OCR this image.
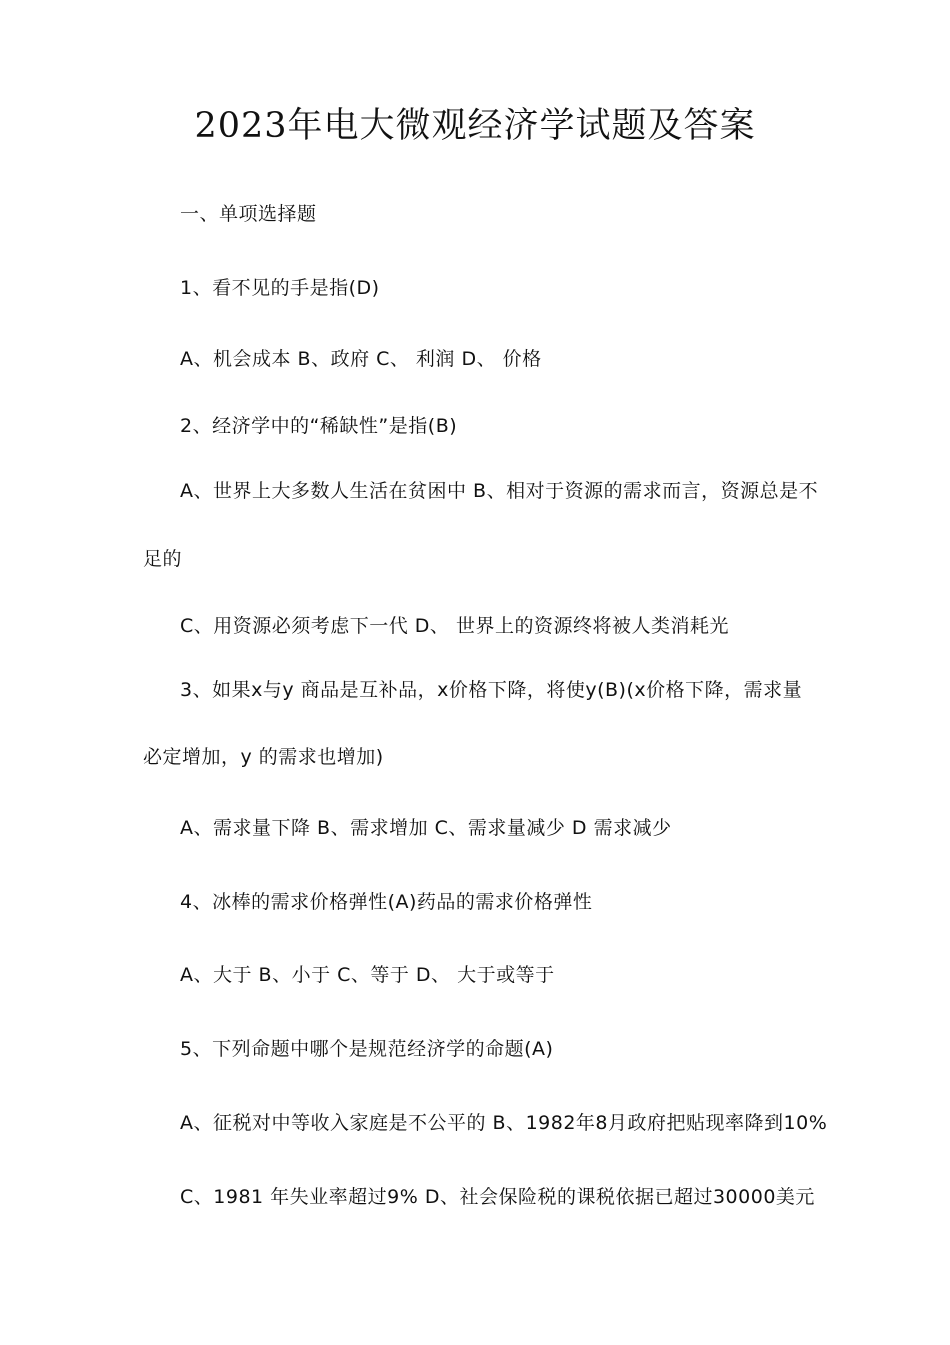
2023年电大微观经济学试题及答案
一、单项选择题
1、看不见的手是指(D)
A、机会成本 B、政府 C、 利润 D、 价格
2、经济学中的“稀缺性”是指(B)
A、世界上大多数人生活在贫困中 B、相对于资源的需求而言，资源总是不
足的
C、用资源必须考虑下一代 D、 世界上的资源终将被人类消耗光
3、如果x与y 商品是互补品，x价格下降，将使y(B)(x价格下降，需求量
必定增加，y 的需求也增加)
A、需求量下降 B、需求增加 C、需求量减少 D 需求减少
4、冰棒的需求价格弹性(A)药品的需求价格弹性
A、大于 B、小于 C、等于 D、 大于或等于
5、下列命题中哪个是规范经济学的命题(A)
A、征税对中等收入家庭是不公平的 B、1982年8月政府把贴现率降到10%
C、1981 年失业率超过9% D、社会保险税的课税依据已超过30000美元
